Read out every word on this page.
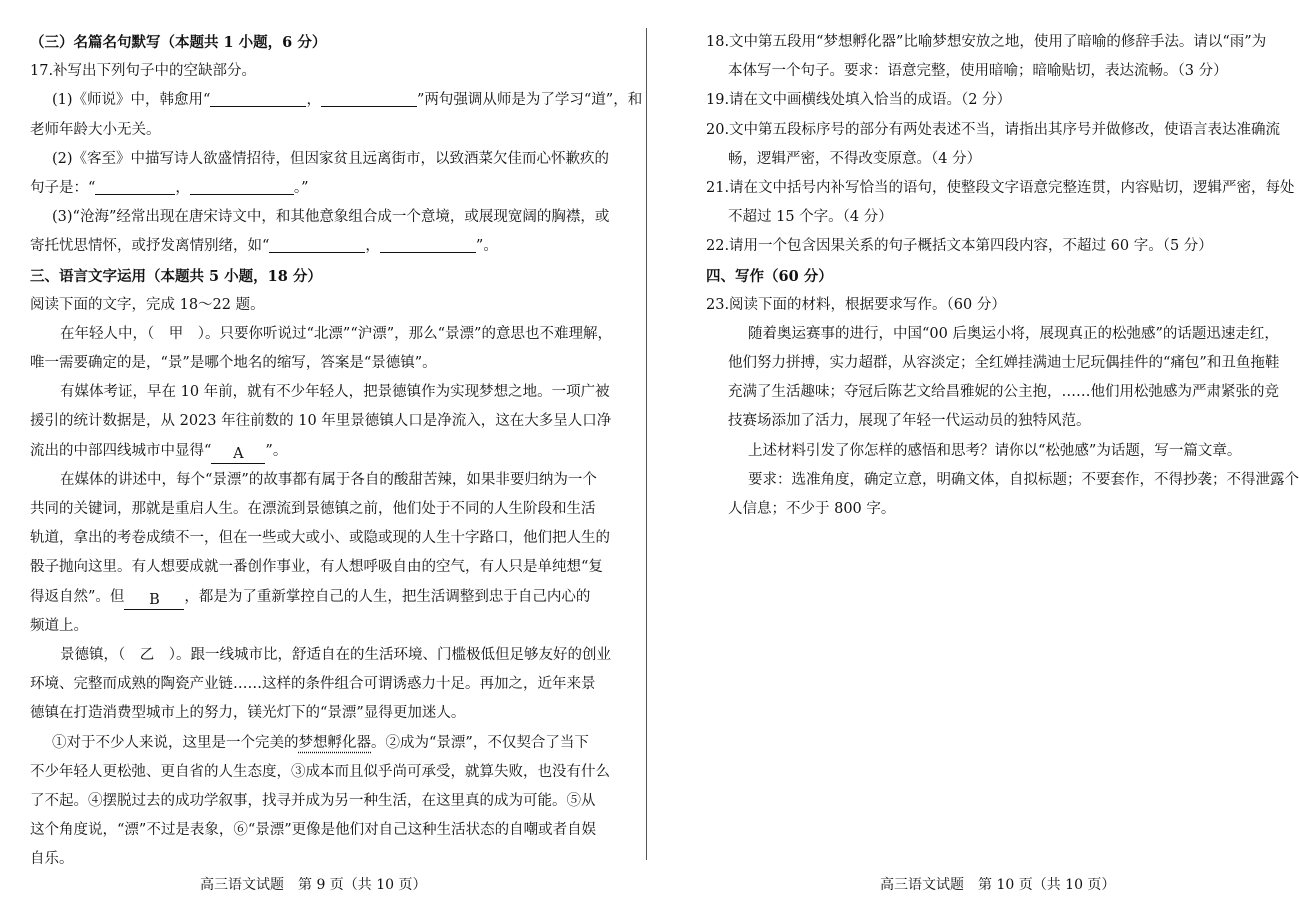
（三）名篇名句默写（本题共 1 小题，6 分）
17.补写出下列句子中的空缺部分。
(1)《师说》中，韩愈用“	，	”两句强调从师是为了学习“道”，和
老师年龄大小无关。
(2)《客至》中描写诗人欲盛情招待，但因家贫且远离街市，以致酒菜欠佳而心怀歉疚的
句子是：“	，	。”
(3)“沧海”经常出现在唐宋诗文中，和其他意象组合成一个意境，或展现宽阔的胸襟，或
寄托忧思情怀，或抒发离情别绪，如“	，	”。
三、语言文字运用（本题共 5 小题，18 分）
阅读下面的文字，完成 18～22 题。
在年轻人中，（　甲　）。只要你听说过“北漂”“沪漂”，那么“景漂”的意思也不难理解，
唯一需要确定的是，“景”是哪个地名的缩写，答案是“景德镇”。
有媒体考证，早在 10 年前，就有不少年轻人，把景德镇作为实现梦想之地。一项广被
援引的统计数据是，从 2023 年往前数的 10 年里景德镇人口是净流入，这在大多呈人口净
流出的中部四线城市中显得“ A ”。
在媒体的讲述中，每个“景漂”的故事都有属于各自的酸甜苦辣，如果非要归纳为一个
共同的关键词，那就是重启人生。在漂流到景德镇之前，他们处于不同的人生阶段和生活
轨道，拿出的考卷成绩不一，但在一些或大或小、或隐或现的人生十字路口，他们把人生的
骰子抛向这里。有人想要成就一番创作事业，有人想呼吸自由的空气，有人只是单纯想“复
得返自然”。但 B ，都是为了重新掌控自己的人生，把生活调整到忠于自己内心的
频道上。
景德镇，（　乙　）。跟一线城市比，舒适自在的生活环境、门槛极低但足够友好的创业
环境、完整而成熟的陶瓷产业链……这样的条件组合可谓诱惑力十足。再加之，近年来景
德镇在打造消费型城市上的努力，镁光灯下的“景漂”显得更加迷人。
①对于不少人来说，这里是一个完美的梦想孵化器。②成为“景漂”，不仅契合了当下
不少年轻人更松弛、更自省的人生态度，③成本而且似乎尚可承受，就算失败，也没有什么
了不起。④摆脱过去的成功学叙事，找寻并成为另一种生活，在这里真的成为可能。⑤从
这个角度说，“漂”不过是表象，⑥“景漂”更像是他们对自己这种生活状态的自嘲或者自娱
自乐。
18.文中第五段用“梦想孵化器”比喻梦想安放之地，使用了暗喻的修辞手法。请以“雨”为
本体写一个句子。要求：语意完整，使用暗喻；暗喻贴切，表达流畅。（3 分）
19.请在文中画横线处填入恰当的成语。（2 分）
20.文中第五段标序号的部分有两处表述不当，请指出其序号并做修改，使语言表达准确流
畅，逻辑严密，不得改变原意。（4 分）
21.请在文中括号内补写恰当的语句，使整段文字语意完整连贯，内容贴切，逻辑严密，每处
不超过 15 个字。（4 分）
22.请用一个包含因果关系的句子概括文本第四段内容，不超过 60 字。（5 分）
四、写作（60 分）
23.阅读下面的材料，根据要求写作。（60 分）
随着奥运赛事的进行，中国“00 后奥运小将，展现真正的松弛感”的话题迅速走红，
他们努力拼搏，实力超群，从容淡定；全红婵挂满迪士尼玩偶挂件的“痛包”和丑鱼拖鞋
充满了生活趣味；夺冠后陈艺文给昌雅妮的公主抱，……他们用松弛感为严肃紧张的竞
技赛场添加了活力，展现了年轻一代运动员的独特风范。
上述材料引发了你怎样的感悟和思考？请你以“松弛感”为话题，写一篇文章。
要求：选准角度，确定立意，明确文体，自拟标题；不要套作，不得抄袭；不得泄露个
人信息；不少于 800 字。
高三语文试题　第 9 页（共 10 页）	高三语文试题　第 10 页（共 10 页）
